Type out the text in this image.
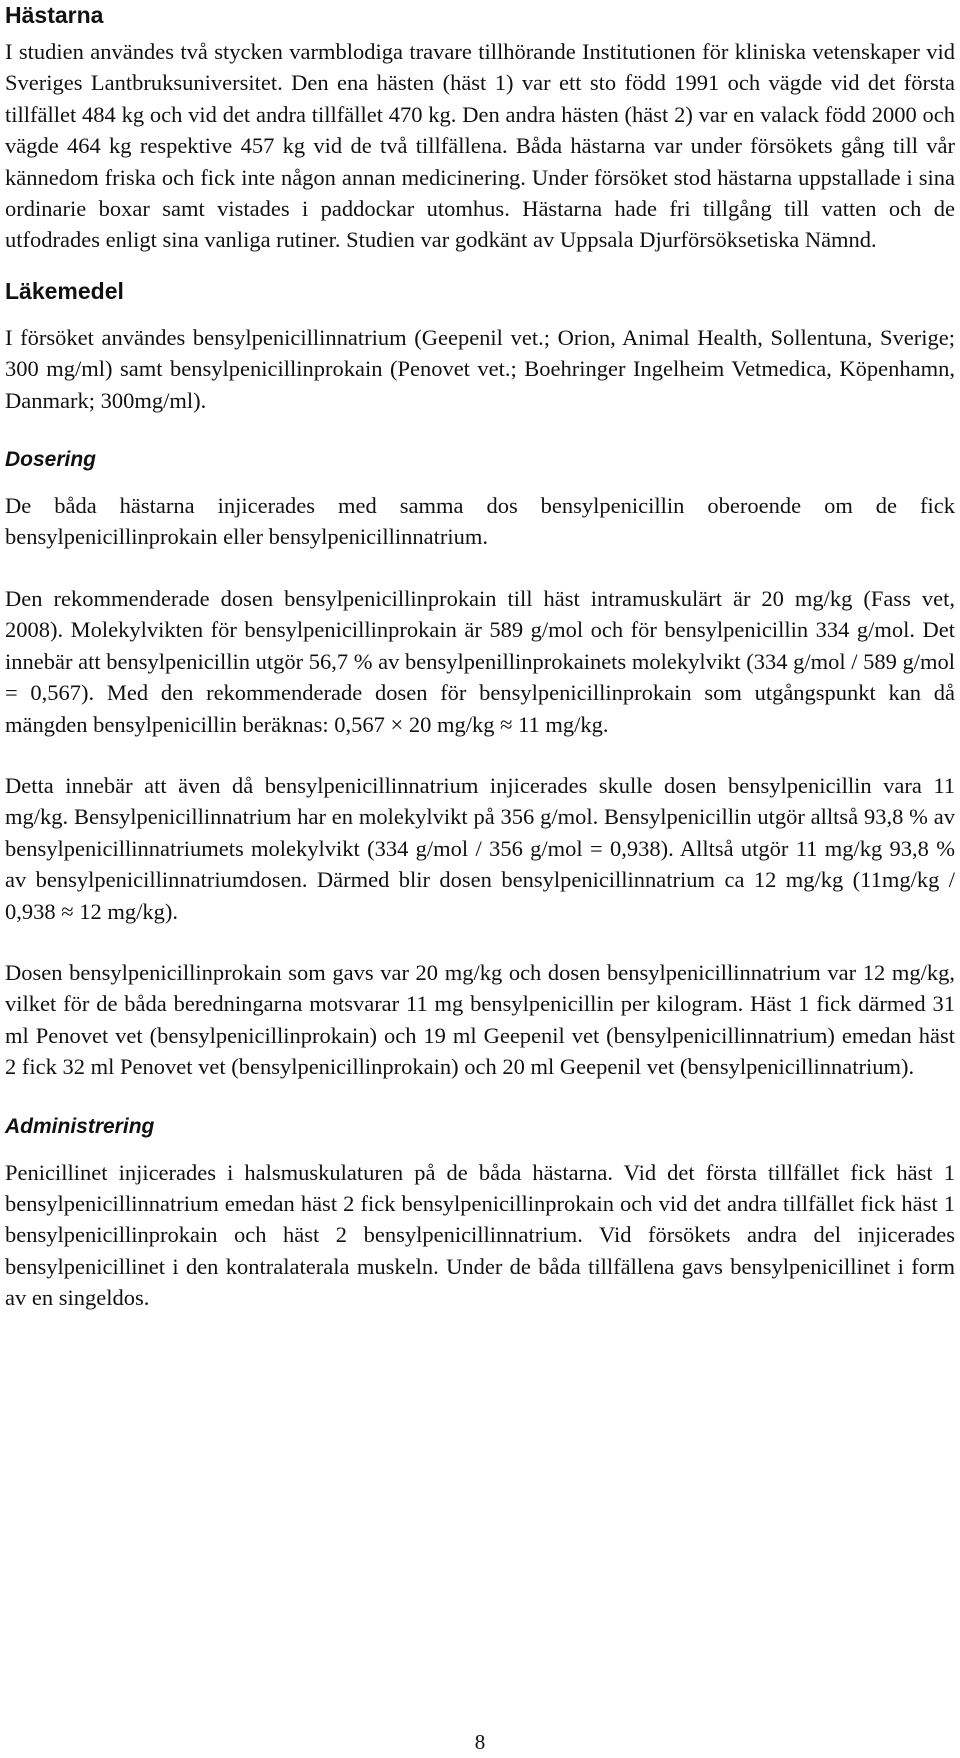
Hästarna

I studien användes två stycken varmblodiga travare tillhörande Institutionen för kliniska vetenskaper vid Sveriges Lantbruksuniversitet. Den ena hästen (häst 1) var ett sto född 1991 och vägde vid det första tillfället 484 kg och vid det andra tillfället 470 kg. Den andra hästen (häst 2) var en valack född 2000 och vägde 464 kg respektive 457 kg vid de två tillfällena. Båda hästarna var under försökets gång till vår kännedom friska och fick inte någon annan medicinering. Under försöket stod hästarna uppstallade i sina ordinarie boxar samt vistades i paddockar utomhus. Hästarna hade fri tillgång till vatten och de utfodrades enligt sina vanliga rutiner. Studien var godkänt av Uppsala Djurförsöksetiska Nämnd.

Läkemedel

I försöket användes bensylpenicillinnatrium (Geepenil vet.; Orion, Animal Health, Sollentuna, Sverige; 300 mg/ml) samt bensylpenicillinprokain (Penovet vet.; Boehringer Ingelheim Vetmedica, Köpenhamn, Danmark; 300mg/ml).

Dosering

De båda hästarna injicerades med samma dos bensylpenicillin oberoende om de fick bensylpenicillinprokain eller bensylpenicillinnatrium.

Den rekommenderade dosen bensylpenicillinprokain till häst intramuskulärt är 20 mg/kg (Fass vet, 2008). Molekylvikten för bensylpenicillinprokain är 589 g/mol och för bensylpenicillin 334 g/mol. Det innebär att bensylpenicillin utgör 56,7 % av bensylpenillinprokainets molekylvikt (334 g/mol / 589 g/mol = 0,567). Med den rekommenderade dosen för bensylpenicillinprokain som utgångspunkt kan då mängden bensylpenicillin beräknas: 0,567 × 20 mg/kg ≈ 11 mg/kg.

Detta innebär att även då bensylpenicillinnatrium injicerades skulle dosen bensylpenicillin vara 11 mg/kg. Bensylpenicillinnatrium har en molekylvikt på 356 g/mol. Bensylpenicillin utgör alltså 93,8 % av bensylpenicillinnatriumets molekylvikt (334 g/mol / 356 g/mol = 0,938). Alltså utgör 11 mg/kg 93,8 % av bensylpenicillinnatriumdosen. Därmed blir dosen bensylpenicillinnatrium ca 12 mg/kg (11mg/kg / 0,938 ≈ 12 mg/kg).

Dosen bensylpenicillinprokain som gavs var 20 mg/kg och dosen bensylpenicillinnatrium var 12 mg/kg, vilket för de båda beredningarna motsvarar 11 mg bensylpenicillin per kilogram. Häst 1 fick därmed 31 ml Penovet vet (bensylpenicillinprokain) och 19 ml Geepenil vet (bensylpenicillinnatrium) emedan häst 2 fick 32 ml Penovet vet (bensylpenicillinprokain) och 20 ml Geepenil vet (bensylpenicillinnatrium).

Administrering

Penicillinet injicerades i halsmuskulaturen på de båda hästarna. Vid det första tillfället fick häst 1 bensylpenicillinnatrium emedan häst 2 fick bensylpenicillinprokain och vid det andra tillfället fick häst 1 bensylpenicillinprokain och häst 2 bensylpenicillinnatrium. Vid försökets andra del injicerades bensylpenicillinet i den kontralaterala muskeln. Under de båda tillfällena gavs bensylpenicillinet i form av en singeldos.

8
